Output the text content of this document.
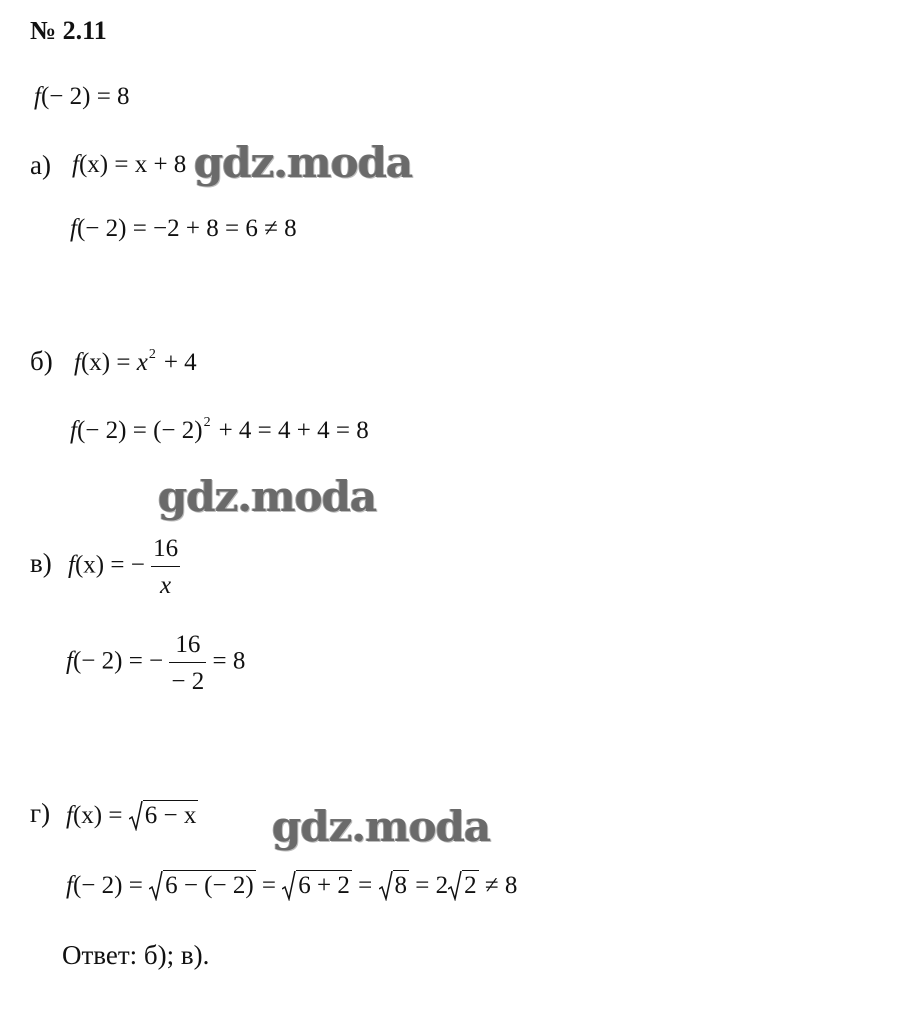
№ 2.11
f(− 2) = 8
а) f(x) = x + 8 gdz.moda
f(− 2) = −2 + 8 = 6 ≠ 8
б) $f(x) = x^2 + 4$
f(− 2) = (− 2)$^2$ + 4 = 4 + 4 = 8
gdz.moda
в) f(x) = − $\frac{16}{x}$
f(− 2) = − $\frac{16}{- 2} = 8$
г) f(x) = 6 − x gdz.moda
f(− 2) = 6 − (− 2) = 6 + 2 = 8 = 2 2 ≠ 8
Ответ: б); в).
